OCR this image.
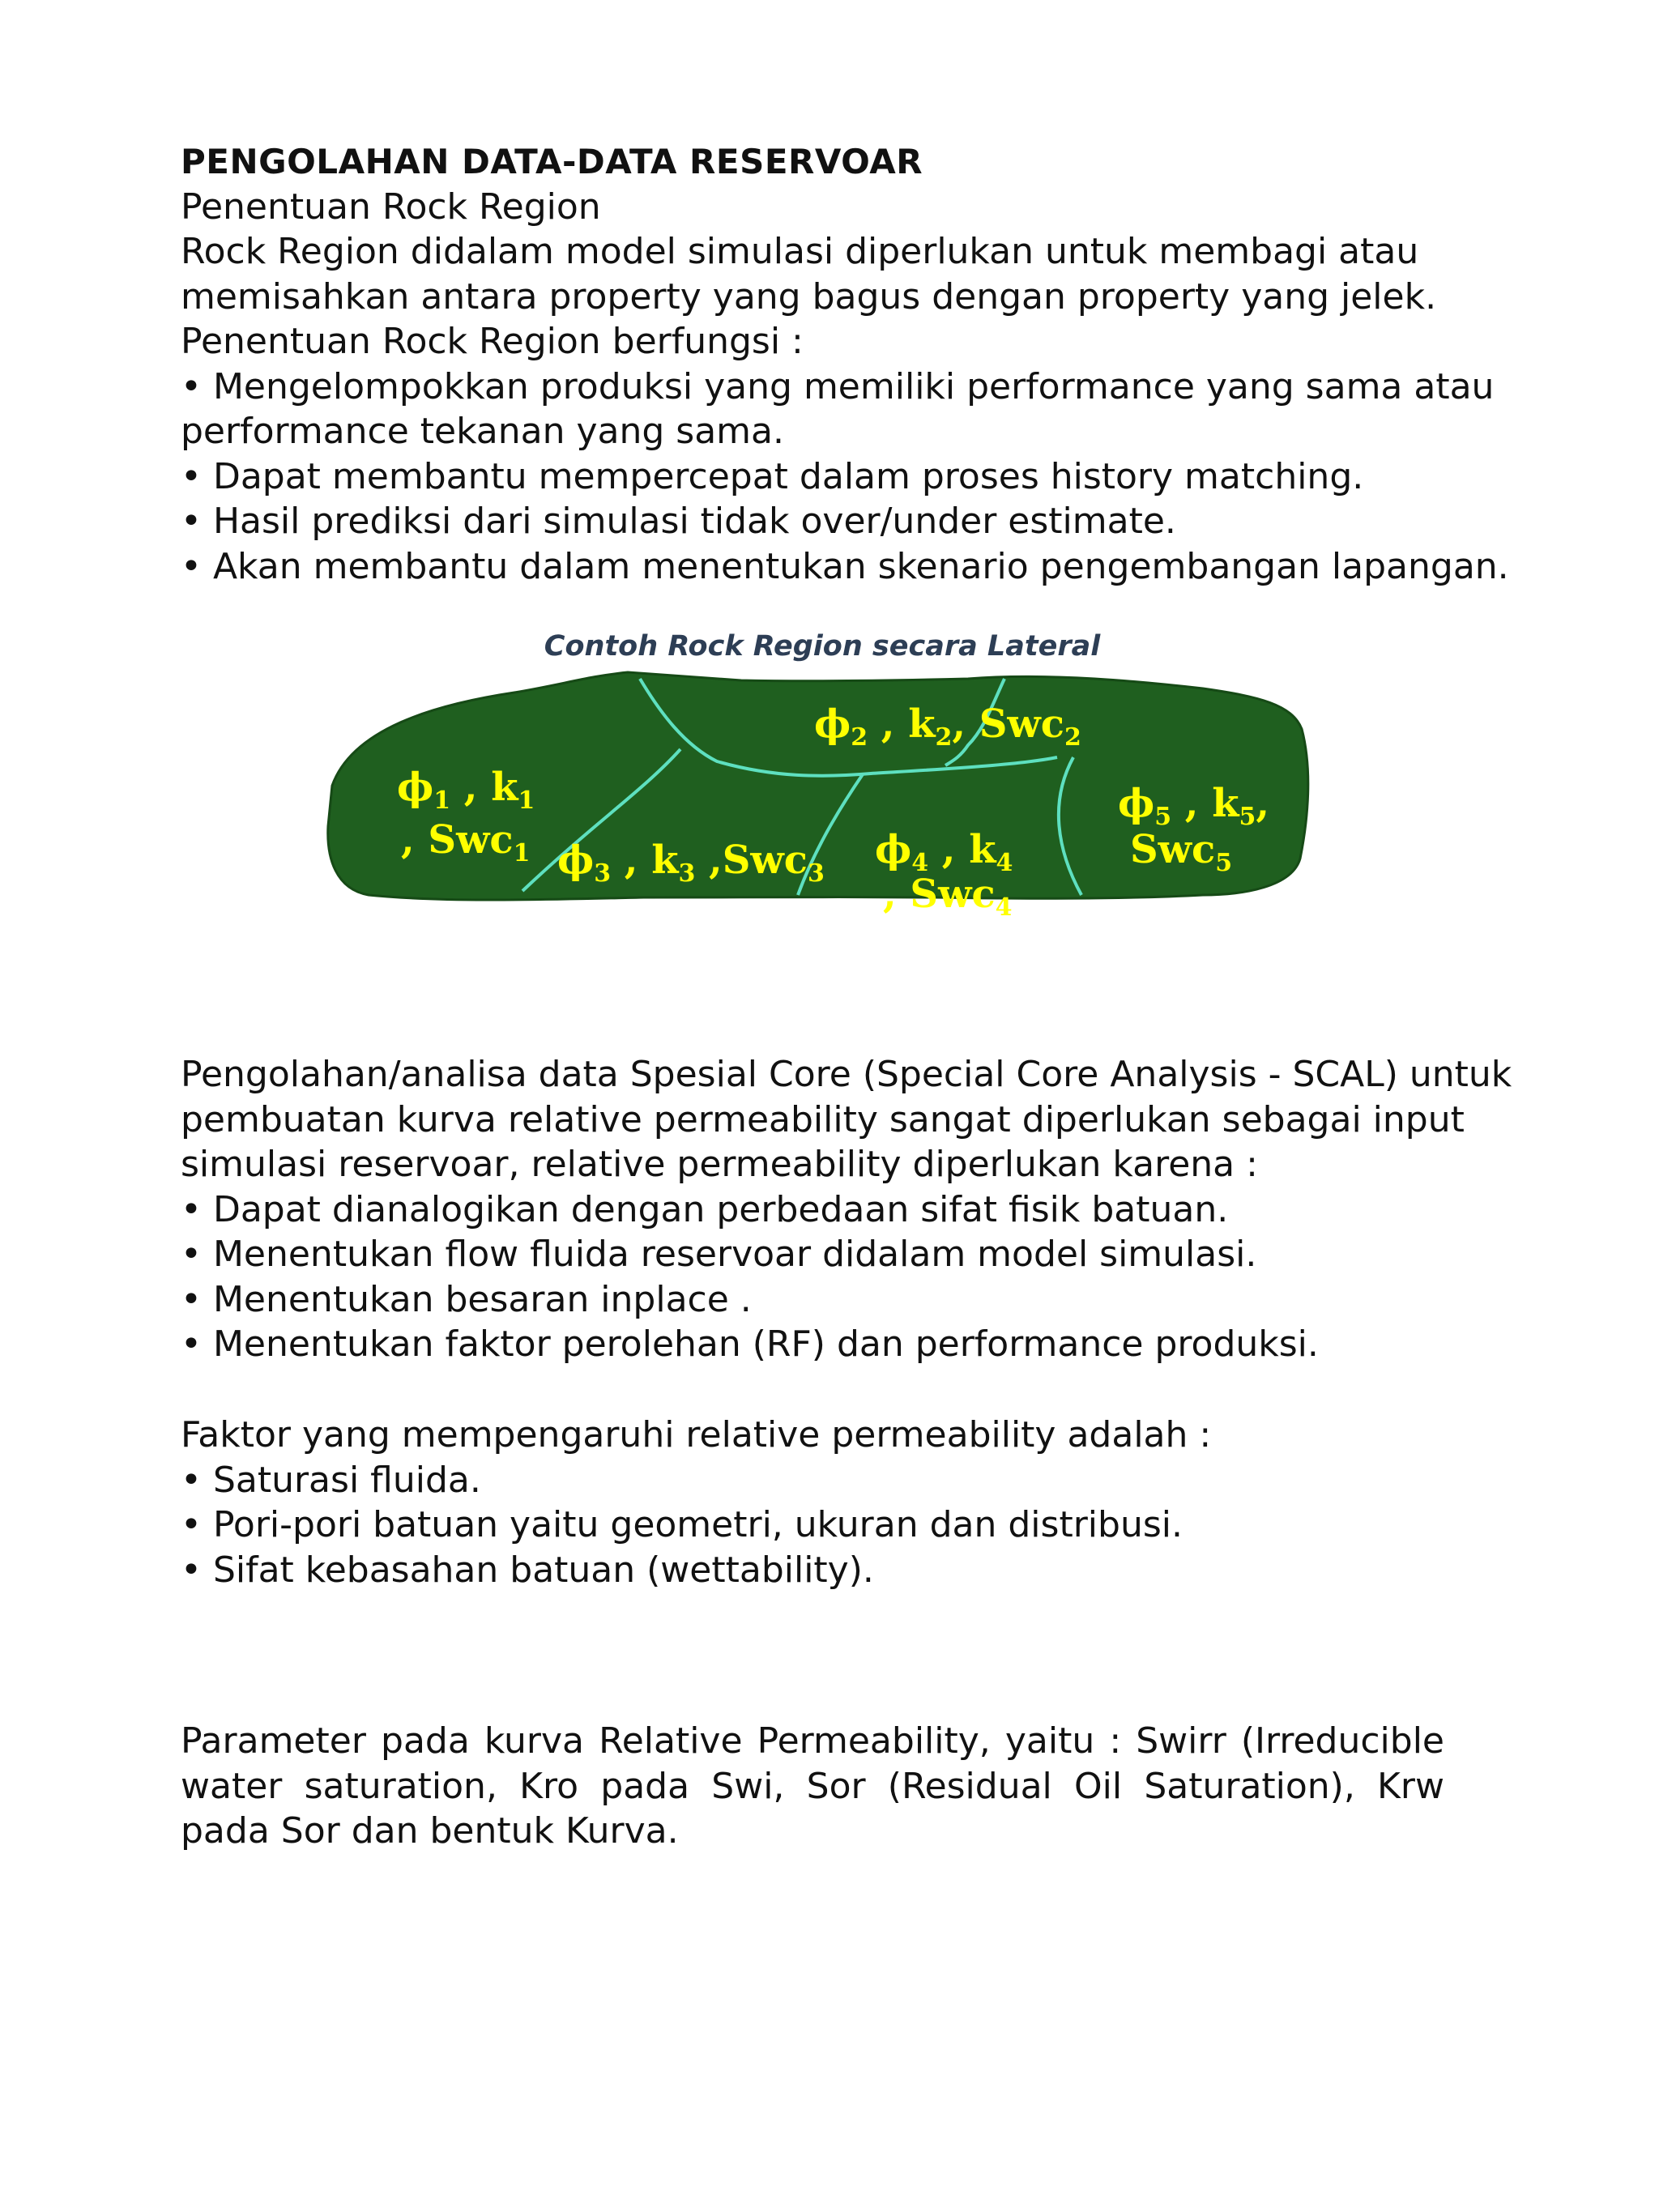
PENGOLAHAN DATA-DATA RESERVOAR
Penentuan Rock Region
Rock Region didalam model simulasi diperlukan untuk membagi atau
memisahkan antara property yang bagus dengan property yang jelek.
Penentuan Rock Region berfungsi :
• Mengelompokkan produksi yang memiliki performance yang sama atau
performance tekanan yang sama.
• Dapat membantu mempercepat dalam proses history matching.
• Hasil prediksi dari simulasi tidak over/under estimate.
• Akan membantu dalam menentukan skenario pengembangan lapangan.
Contoh Rock Region secara Lateral
$\phi_1$ , $k_1$
, Swc$_1$
$\phi_2$ , $k_2$, Swc$_2$
$\phi_3$ , $k_3$ ,Swc$_3$
$\phi_4$ , $k_4$
, Swc$_4$
$\phi_5$ , $k_5$,
Swc$_5$
Pengolahan/analisa data Spesial Core (Special Core Analysis - SCAL) untuk
pembuatan kurva relative permeability sangat diperlukan sebagai input
simulasi reservoar, relative permeability diperlukan karena :
• Dapat dianalogikan dengan perbedaan sifat fisik batuan.
• Menentukan flow fluida reservoar didalam model simulasi.
• Menentukan besaran inplace .
• Menentukan faktor perolehan (RF) dan performance produksi.
Faktor yang mempengaruhi relative permeability adalah :
• Saturasi fluida.
• Pori-pori batuan yaitu geometri, ukuran dan distribusi.
• Sifat kebasahan batuan (wettability).
Parameter pada kurva Relative Permeability, yaitu : Swirr (Irreducible water saturation, Kro pada Swi, Sor (Residual Oil Saturation), Krw pada Sor dan bentuk Kurva.
